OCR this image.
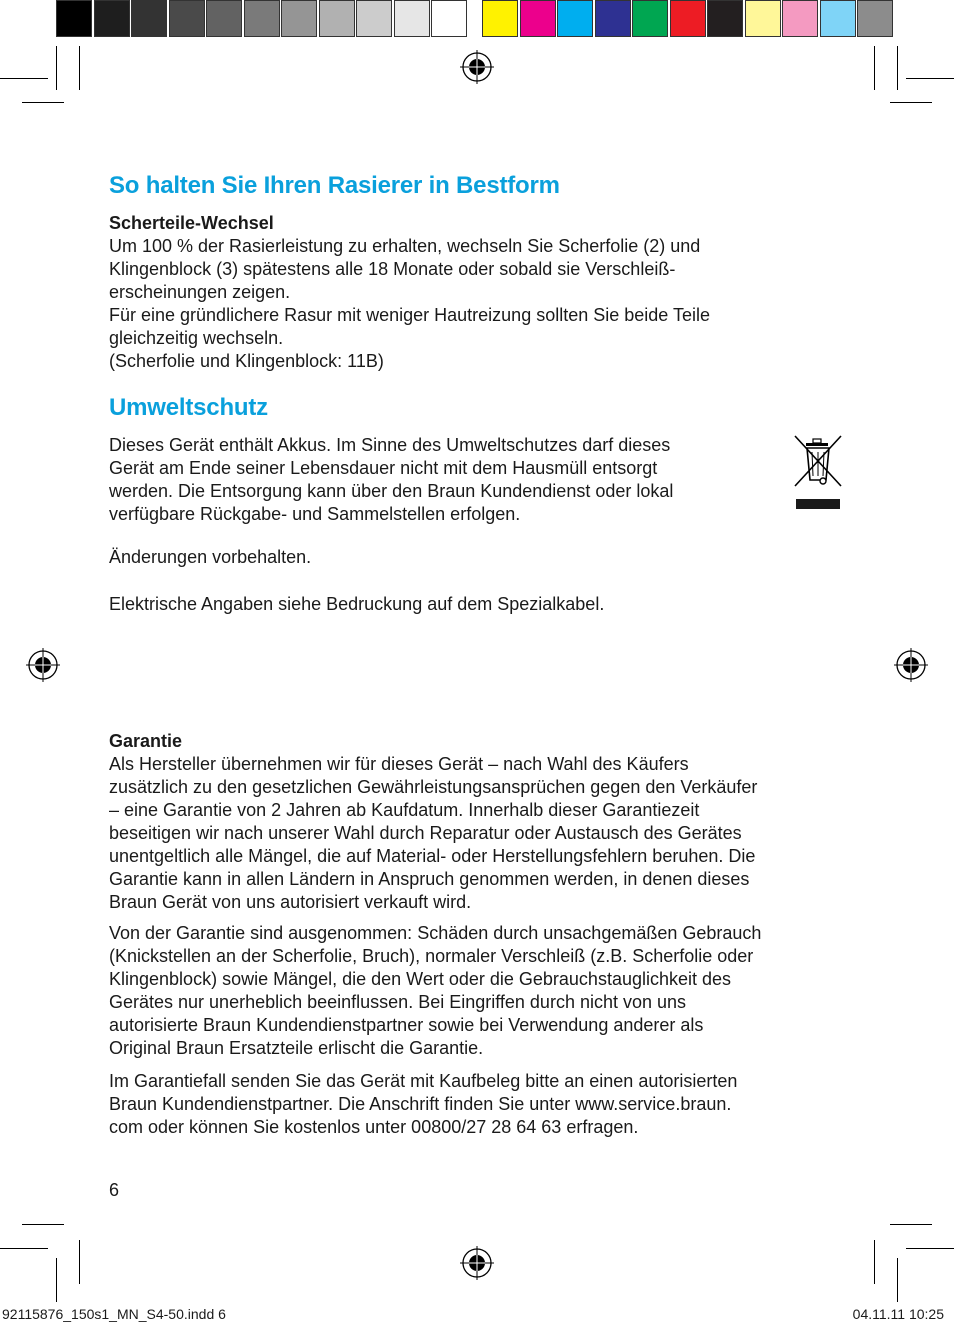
So halten Sie Ihren Rasierer in Bestform
Scherteile-Wechsel

Um 100 % der Rasierleistung zu erhalten, wechseln Sie Scherfolie (2) und

Klingenblock (3) spätestens alle 18 Monate oder sobald sie Verschleiß-

erscheinungen zeigen.

Für eine gründlichere Rasur mit weniger Hautreizung sollten Sie beide Teile

gleichzeitig wechseln.

(Scherfolie und Klingenblock: 11B)

Umweltschutz

Dieses Gerät enthält Akkus. Im Sinne des Umweltschutzes darf dieses

Gerät am Ende seiner Lebensdauer nicht mit dem Hausmüll entsorgt

werden. Die Entsorgung kann über den Braun Kundendienst oder lokal

verfügbare Rückgabe- und Sammelstellen erfolgen.

Änderungen vorbehalten.

Elektrische Angaben siehe Bedruckung auf dem Spezialkabel.

Garantie

Als Hersteller übernehmen wir für dieses Gerät – nach Wahl des Käufers

zusätzlich zu den gesetzlichen Gewährleistungsansprüchen gegen den Verkäufer

– eine Garantie von 2 Jahren ab Kaufdatum. Innerhalb dieser Garantiezeit

beseitigen wir nach unserer Wahl durch Reparatur oder Austausch des Gerätes

unentgeltlich alle Mängel, die auf Material- oder Herstellungsfehlern beruhen. Die

Garantie kann in allen Ländern in Anspruch genommen werden, in denen dieses

Braun Gerät von uns autorisiert verkauft wird.

Von der Garantie sind ausgenommen: Schäden durch unsachgemäßen Gebrauch

(Knickstellen an der Scherfolie, Bruch), normaler Verschleiß (z.B. Scherfolie oder

Klingenblock) sowie Mängel, die den Wert oder die Gebrauchstauglichkeit des

Gerätes nur unerheblich beeinflussen. Bei Eingriffen durch nicht von uns

autorisierte Braun Kundendienstpartner sowie bei Verwendung anderer als

Original Braun Ersatzteile erlischt die Garantie.

Im Garantiefall senden Sie das Gerät mit Kaufbeleg bitte an einen autorisierten

Braun Kundendienstpartner. Die Anschrift finden Sie unter www.service.braun.

com oder können Sie kostenlos unter 00800/27 28 64 63 erfragen.

6
92115876_150s1_MN_S4-50.indd 6	04.11.11 10:25
